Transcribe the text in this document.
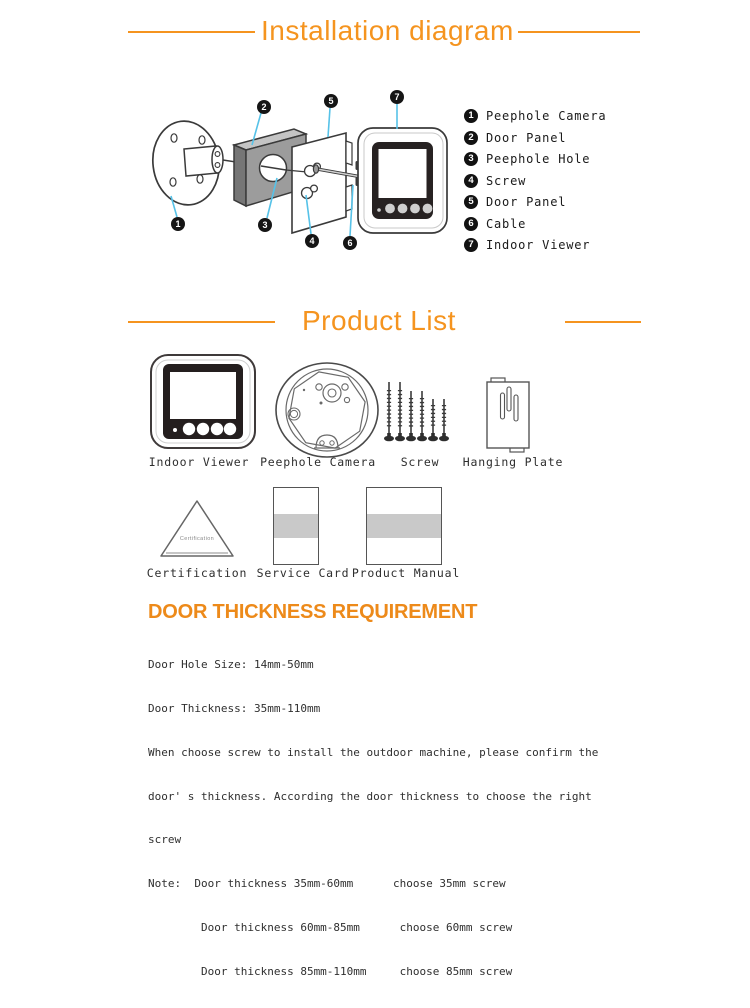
Installation diagram
1
2
3
4
5
6
7
1	Peephole Camera
2	Door Panel
3	Peephole Hole
4	Screw
5	Door Panel
6	Cable
7	Indoor Viewer
Product List
Indoor Viewer Peephole Camera	Screw	Hanging Plate
Certification
Certification Service Card Product Manual
DOOR THICKNESS REQUIREMENT

Door Hole Size: 14mm-50mm

Door Thickness: 35mm-110mm

When choose screw to install the outdoor machine, please confirm the

door' s thickness. According the door thickness to choose the right

screw

Note:  Door thickness 35mm-60mm      choose 35mm screw

Door thickness 60mm-85mm      choose 60mm screw

Door thickness 85mm-110mm     choose 85mm screw
